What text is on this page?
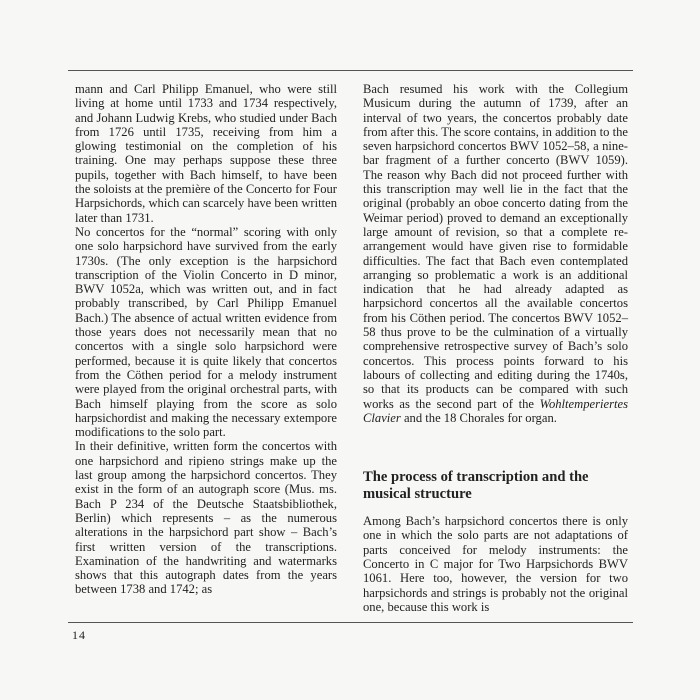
mann and Carl Philipp Emanuel, who were still living at home until 1733 and 1734 respectively, and Johann Ludwig Krebs, who studied under Bach from 1726 until 1735, receiving from him a glowing testimonial on the completion of his training. One may perhaps suppose these three pupils, together with Bach himself, to have been the soloists at the première of the Concerto for Four Harpsichords, which can scarcely have been written later than 1731.

No concertos for the “normal” scoring with only one solo harpsichord have survived from the early 1730s. (The only exception is the harpsichord transcription of the Violin Concerto in D minor, BWV 1052a, which was written out, and in fact probably transcribed, by Carl Philipp Emanuel Bach.) The absence of actual written evidence from those years does not necessarily mean that no concertos with a single solo harpsichord were performed, because it is quite likely that concertos from the Cöthen period for a melody instrument were played from the original orchestral parts, with Bach himself playing from the score as solo harpsichordist and making the necessary extempore modifications to the solo part.

In their definitive, written form the concertos with one harpsichord and ripieno strings make up the last group among the harpsichord concertos. They exist in the form of an autograph score (Mus. ms. Bach P 234 of the Deutsche Staatsbibliothek, Berlin) which represents – as the numerous alterations in the harpsichord part show – Bach’s first written version of the transcriptions. Examination of the handwriting and watermarks shows that this autograph dates from the years between 1738 and 1742; as

Bach resumed his work with the Collegium Musicum during the autumn of 1739, after an interval of two years, the concertos probably date from after this. The score contains, in addition to the seven harpsichord concertos BWV 1052–58, a nine-bar fragment of a further concerto (BWV 1059). The reason why Bach did not proceed further with this transcription may well lie in the fact that the original (probably an oboe concerto dating from the Weimar period) proved to demand an exceptionally large amount of revision, so that a complete re-arrangement would have given rise to formidable difficulties. The fact that Bach even contemplated arranging so problematic a work is an additional indication that he had already adapted as harpsichord concertos all the available concertos from his Cöthen period. The concertos BWV 1052–58 thus prove to be the culmination of a virtually comprehensive retrospective survey of Bach’s solo concertos. This process points forward to his labours of collecting and editing during the 1740s, so that its products can be compared with such works as the second part of the Wohltemperiertes Clavier and the 18 Chorales for organ.

The process of transcription and the musical structure

Among Bach’s harpsichord concertos there is only one in which the solo parts are not adaptations of parts conceived for melody instruments: the Concerto in C major for Two Harpsichords BWV 1061. Here too, however, the version for two harpsichords and strings is probably not the original one, because this work is

14
